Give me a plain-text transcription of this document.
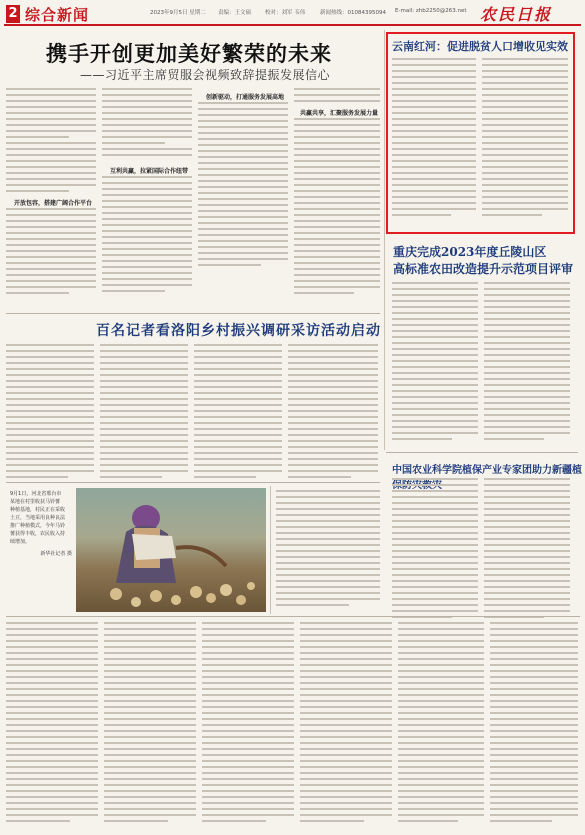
2 综合新闻	2023年9月5日 星期二 责编：王文硕	校对：刘军 韦伟	新闻热线：01084395094 E-mail: zhb2250@263.net 农民日报
携手开创更加美好繁荣的未来
——习近平主席贸服会视频致辞提振发展信心
开放包容，搭建广阔合作平台
互利共赢，拉紧国际合作纽带
创新驱动，打通服务发展高地
共赢共享，汇聚服务发展力量
云南红河：促进脱贫人口增收见实效
重庆完成2023年度丘陵山区
高标准农田改造提升示范项目评审
百名记者看洛阳乡村振兴调研采访活动启动
中国农业科学院植保产业专家团助力新疆植
9月1日，河北省邢台市
某地在村里收获马铃薯
种植基地，村民正在采收
土豆，当地采用良种良法
推广种植模式，今年马铃
薯获得丰收，农民收入持
续增加。
新华社记者 摄
